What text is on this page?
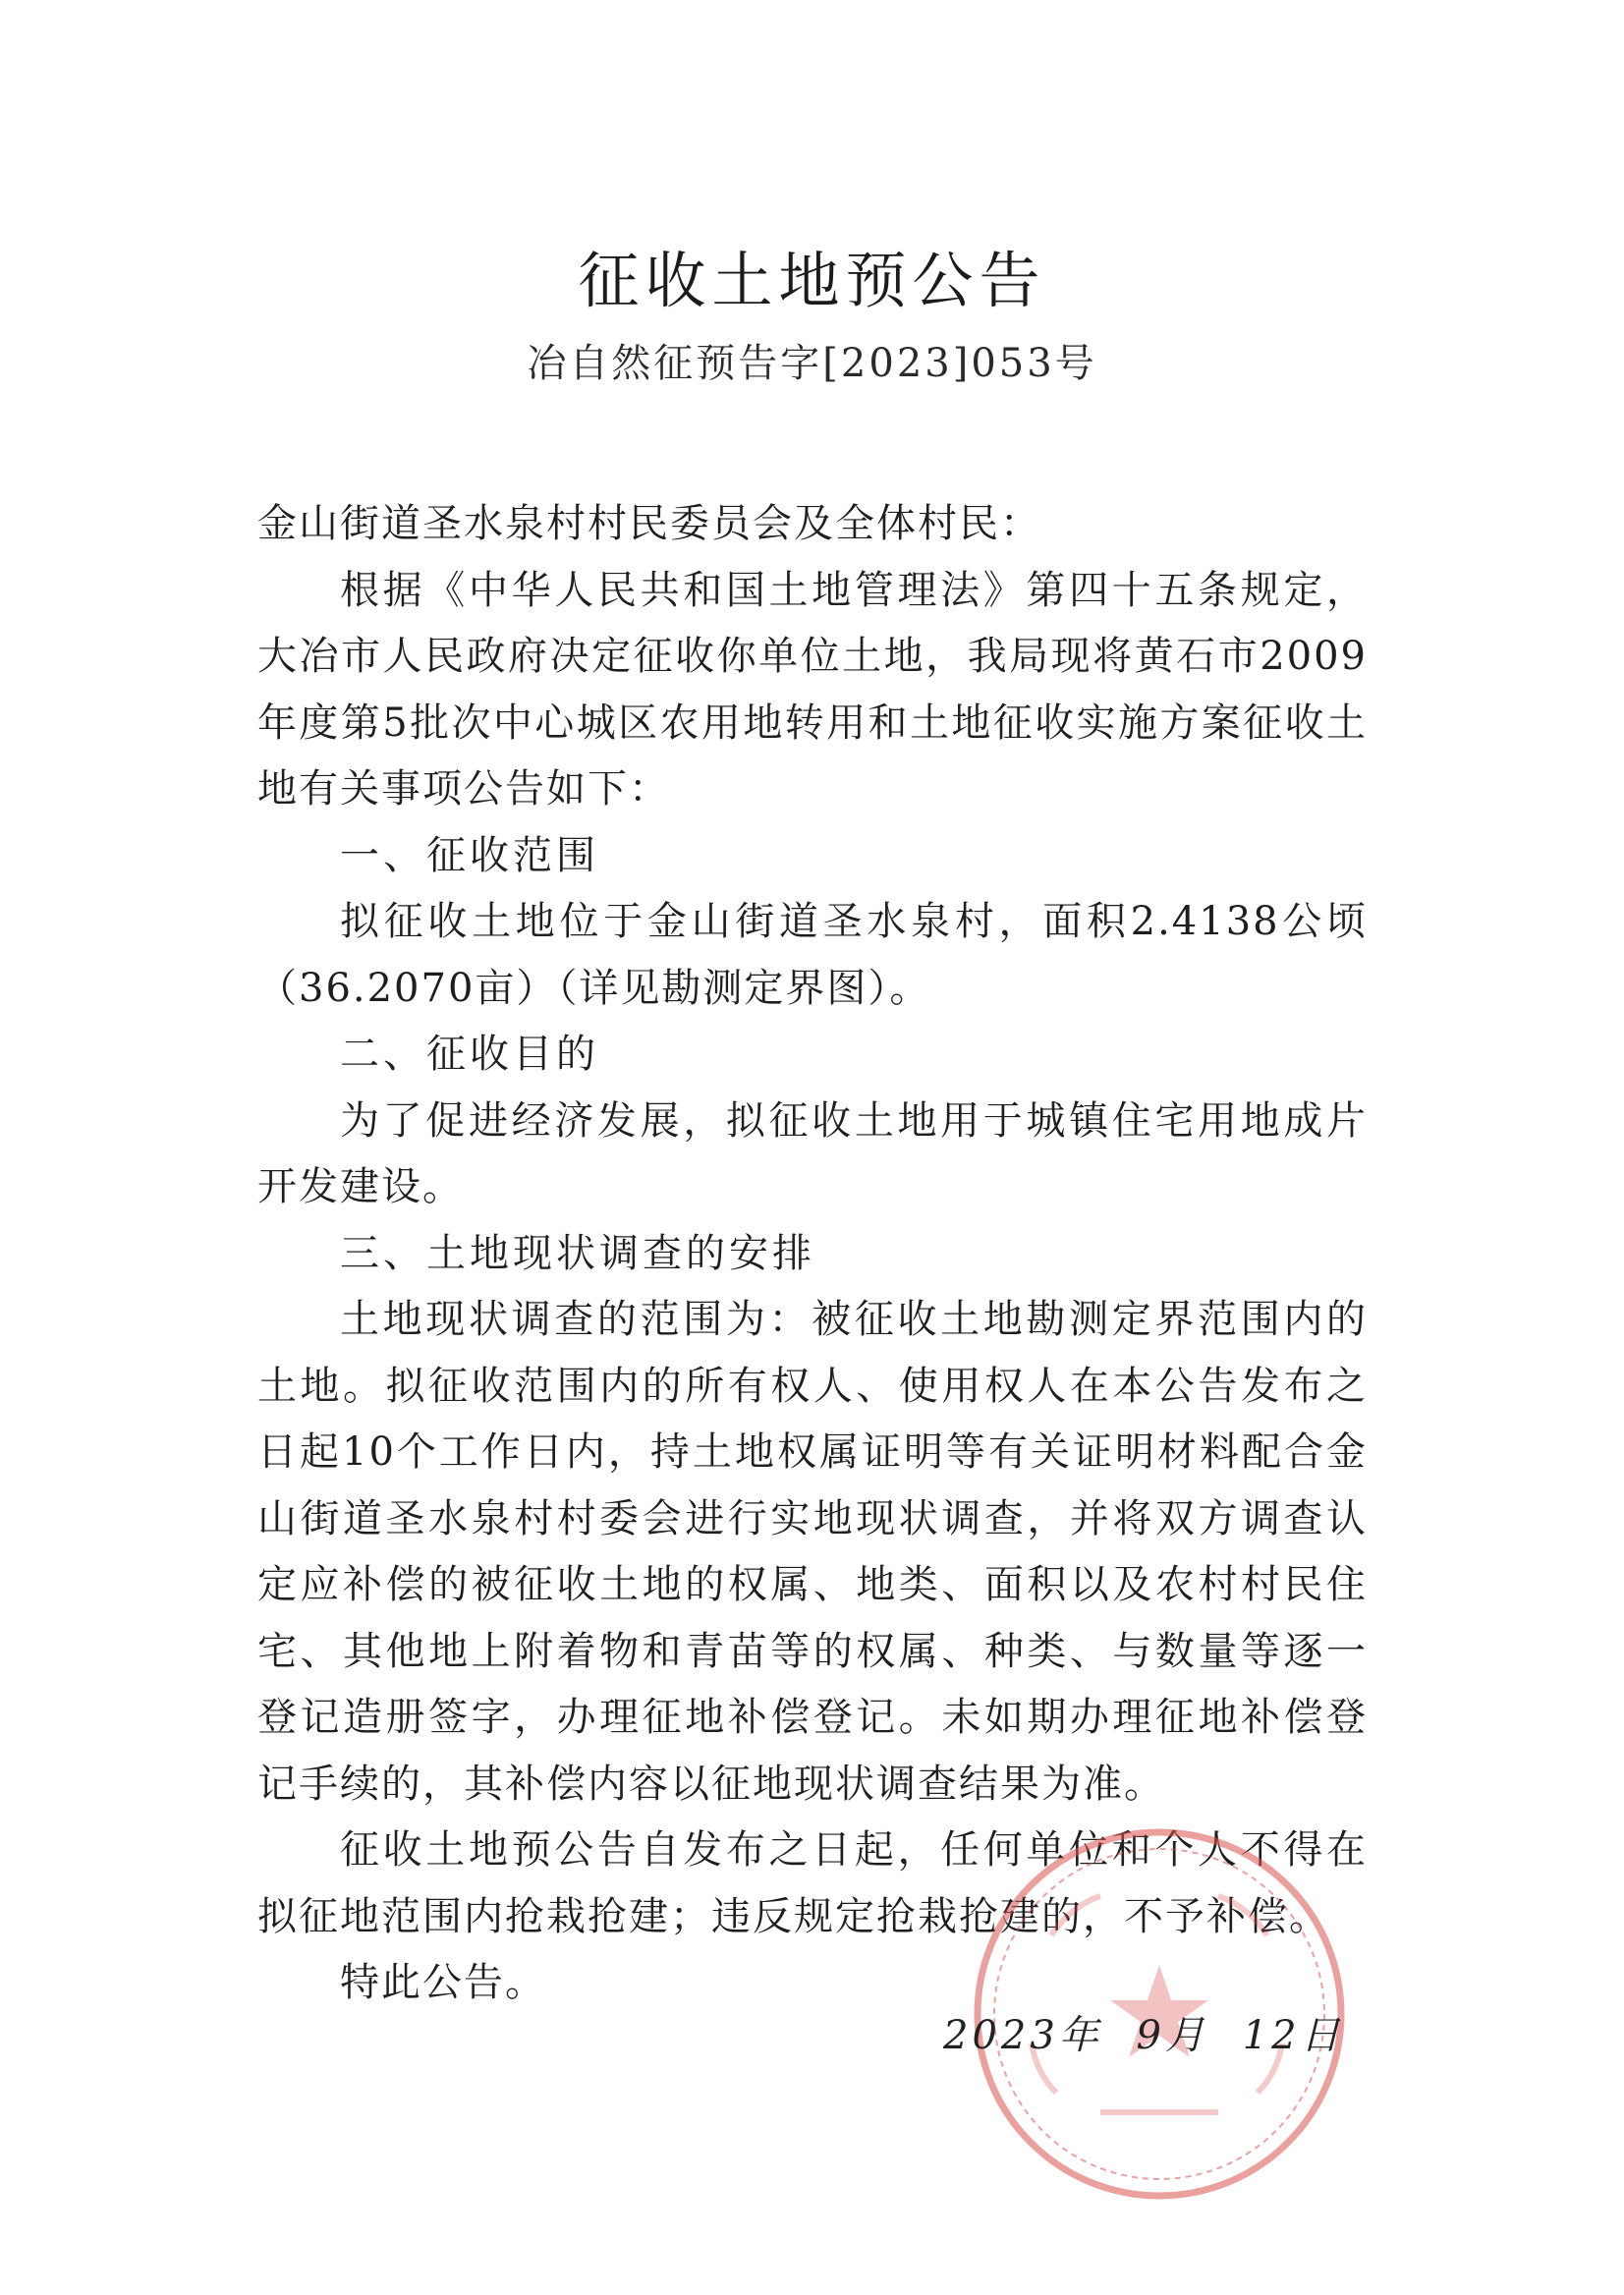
征收土地预公告
冶自然征预告字[2023]053号

金山街道圣水泉村村民委员会及全体村民：

根据《中华人民共和国土地管理法》第四十五条规定，大冶市人民政府决定征收你单位土地，我局现将黄石市2009年度第5批次中心城区农用地转用和土地征收实施方案征收土地有关事项公告如下：

一、征收范围

拟征收土地位于金山街道圣水泉村，面积2.4138公顷（36.2070亩）（详见勘测定界图）。

二、征收目的

为了促进经济发展，拟征收土地用于城镇住宅用地成片开发建设。

三、土地现状调查的安排

土地现状调查的范围为：被征收土地勘测定界范围内的土地。拟征收范围内的所有权人、使用权人在本公告发布之日起10个工作日内，持土地权属证明等有关证明材料配合金山街道圣水泉村村委会进行实地现状调查，并将双方调查认定应补偿的被征收土地的权属、地类、面积以及农村村民住宅、其他地上附着物和青苗等的权属、种类、与数量等逐一登记造册签字，办理征地补偿登记。未如期办理征地补偿登记手续的，其补偿内容以征地现状调查结果为准。

征收土地预公告自发布之日起，任何单位和个人不得在拟征地范围内抢栽抢建；违反规定抢栽抢建的，不予补偿。

特此公告。

2023年 9月 12日
